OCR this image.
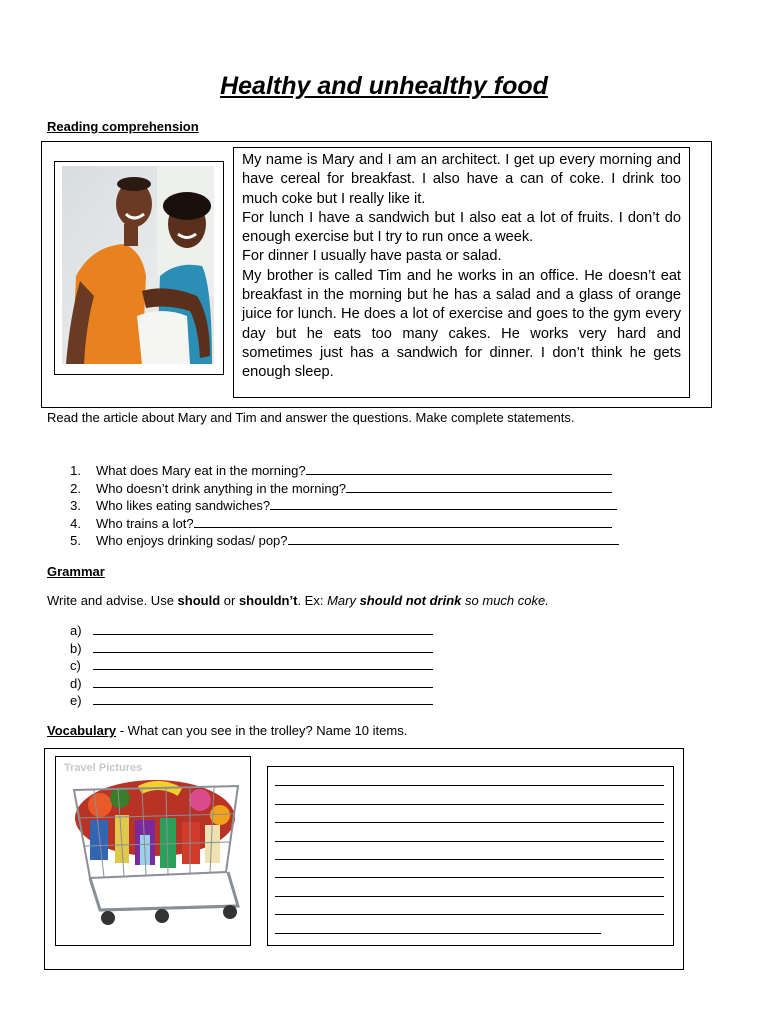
Healthy and unhealthy food
Reading comprehension

My name is Mary and I am an architect. I get up every morning and have cereal for breakfast. I also have a can of coke. I drink too much coke but I really like it.

For lunch I have a sandwich but I also eat a lot of fruits. I don’t do enough exercise but I try to run once a week.

For dinner I usually have pasta or salad.

My brother is called Tim and he works in an office. He doesn’t eat breakfast in the morning but he has a salad and a glass of orange juice for lunch. He does a lot of exercise and goes to the gym every day but he eats too many cakes. He works very hard and sometimes just has a sandwich for dinner. I don’t think he gets enough sleep.

Read the article about Mary and Tim and answer the questions. Make complete statements.
1. What does Mary eat in the morning?
2. Who doesn’t drink anything in the morning?
3. Who likes eating sandwiches?
4. Who trains a lot?
5. Who enjoys drinking sodas/ pop?
Grammar
Write and advise. Use should or shouldn’t. Ex: Mary should not drink so much coke.
a)
b)
c)
d)
e)
Vocabulary - What can you see in the trolley? Name 10 items.
Travel Pictures
